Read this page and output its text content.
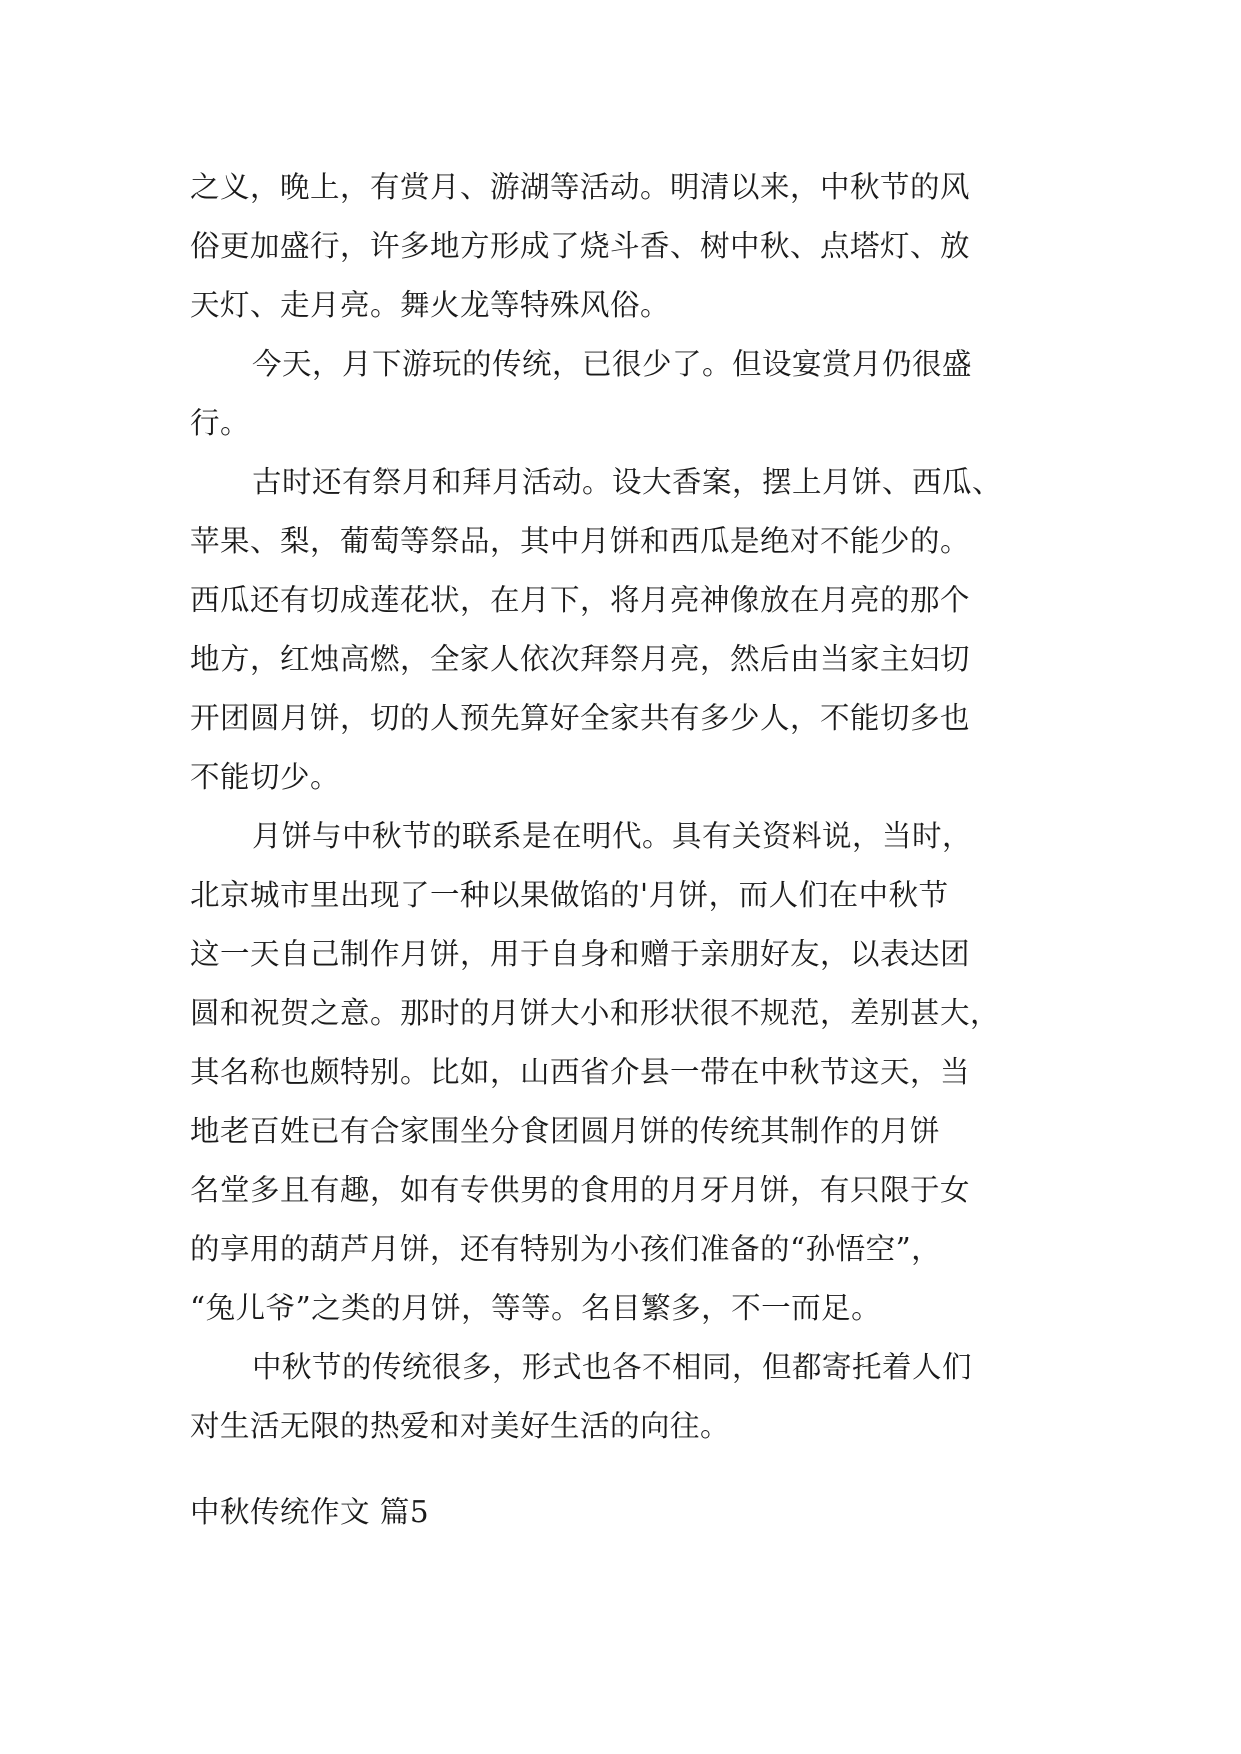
之义，晚上，有赏月、游湖等活动。明清以来，中秋节的风
俗更加盛行，许多地方形成了烧斗香、树中秋、点塔灯、放
天灯、走月亮。舞火龙等特殊风俗。
今天，月下游玩的传统，已很少了。但设宴赏月仍很盛
行。
古时还有祭月和拜月活动。设大香案，摆上月饼、西瓜、
苹果、梨，葡萄等祭品，其中月饼和西瓜是绝对不能少的。
西瓜还有切成莲花状，在月下，将月亮神像放在月亮的那个
地方，红烛高燃，全家人依次拜祭月亮，然后由当家主妇切
开团圆月饼，切的人预先算好全家共有多少人，不能切多也
不能切少。
月饼与中秋节的联系是在明代。具有关资料说，当时，
北京城市里出现了一种以果做馅的'月饼，而人们在中秋节
这一天自己制作月饼，用于自身和赠于亲朋好友，以表达团
圆和祝贺之意。那时的月饼大小和形状很不规范，差别甚大，
其名称也颇特别。比如，山西省介县一带在中秋节这天，当
地老百姓已有合家围坐分食团圆月饼的传统其制作的月饼
名堂多且有趣，如有专供男的食用的月牙月饼，有只限于女
的享用的葫芦月饼，还有特别为小孩们准备的“孙悟空”，
“兔儿爷”之类的月饼，等等。名目繁多，不一而足。
中秋节的传统很多，形式也各不相同，但都寄托着人们
对生活无限的热爱和对美好生活的向往。
中秋传统作文 篇5
